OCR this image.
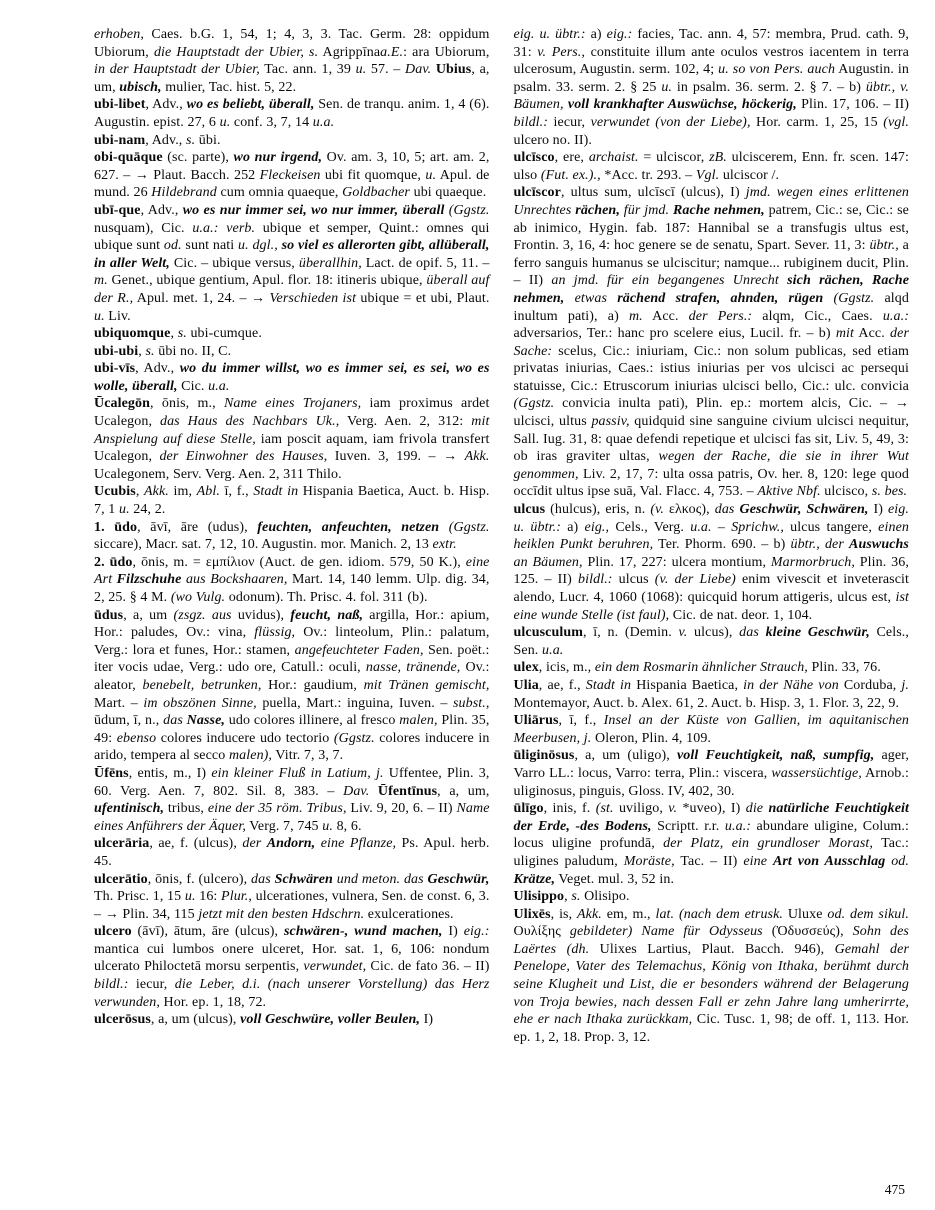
erhoben, Caes. b.G. 1, 54, 1; 4, 3, 3. Tac. Germ. 28: oppidum Ubiorum, die Hauptstadt der Ubier, s. Agrippīnaa.E.: ara Ubiorum, in der Hauptstadt der Ubier, Tac. ann. 1, 39 u. 57. – Dav. Ubius, a, um, ubisch, mulier, Tac. hist. 5, 22.

ubi-libet, Adv., wo es beliebt, überall, Sen. de tranqu. anim. 1, 4 (6). Augustin. epist. 27, 6 u. conf. 3, 7, 14 u.a.

ubi-nam, Adv., s. ūbi.

obi-quāque (sc. parte), wo nur irgend, Ov. am. 3, 10, 5; art. am. 2, 627. – → Plaut. Bacch. 252 Fleckeisen ubi fit quomque, u. Apul. de mund. 26 Hildebrand cum omnia quaeque, Goldbacher ubi quaeque.

ubī-que, Adv., wo es nur immer sei, wo nur immer, überall (Ggstz. nusquam), Cic. u.a.: verb. ubique et semper, Quint.: omnes qui ubique sunt od. sunt nati u. dgl., so viel es allerorten gibt, allüberall, in aller Welt, Cic. – ubique versus, überallhin, Lact. de opif. 5, 11. – m. Genet., ubique gentium, Apul. flor. 18: itineris ubique, überall auf der R., Apul. met. 1, 24. – → Verschieden ist ubique = et ubi, Plaut. u. Liv.

ubiquomque, s. ubi-cumque.

ubi-ubi, s. ūbi no. II, C.

ubi-vīs, Adv., wo du immer willst, wo es immer sei, es sei, wo es wolle, überall, Cic. u.a.

Ūcalegōn, ōnis, m., Name eines Trojaners, iam proximus ardet Ucalegon, das Haus des Nachbars Uk., Verg. Aen. 2, 312: mit Anspielung auf diese Stelle, iam poscit aquam, iam frivola transfert Ucalegon, der Einwohner des Hauses, Iuven. 3, 199. – → Akk. Ucalegonem, Serv. Verg. Aen. 2, 311 Thilo.

Ucubis, Akk. im, Abl. ī, f., Stadt in Hispania Baetica, Auct. b. Hisp. 7, 1 u. 24, 2.

1. ūdo, āvī, āre (udus), feuchten, anfeuchten, netzen (Ggstz. siccare), Macr. sat. 7, 12, 10. Augustin. mor. Manich. 2, 13 extr.

2. ūdo, ōnis, m. = εμπίλιον (Auct. de gen. idiom. 579, 50 K.), eine Art Filzschuhe aus Bockshaaren, Mart. 14, 140 lemm. Ulp. dig. 34, 2, 25. § 4 M. (wo Vulg. odonum). Th. Prisc. 4. fol. 311 (b).

ūdus, a, um (zsgz. aus uvidus), feucht, naß, argilla, Hor.: apium, Hor.: paludes, Ov.: vina, flüssig, Ov.: linteolum, Plin.: palatum, Verg.: lora et funes, Hor.: stamen, angefeuchteter Faden, Sen. poët.: iter vocis udae, Verg.: udo ore, Catull.: oculi, nasse, tränende, Ov.: aleator, benebelt, betrunken, Hor.: gaudium, mit Tränen gemischt, Mart. – im obszönen Sinne, puella, Mart.: inguina, Iuven. – subst., ūdum, ī, n., das Nasse, udo colores illinere, al fresco malen, Plin. 35, 49: ebenso colores inducere udo tectorio (Ggstz. colores inducere in arido, tempera al secco malen), Vitr. 7, 3, 7.

Ūfēns, entis, m., I) ein kleiner Fluß in Latium, j. Uffentee, Plin. 3, 60. Verg. Aen. 7, 802. Sil. 8, 383. – Dav. Ūfentīnus, a, um, ufentinisch, tribus, eine der 35 röm. Tribus, Liv. 9, 20, 6. – II) Name eines Anführers der Äquer, Verg. 7, 745 u. 8, 6.

ulcerāria, ae, f. (ulcus), der Andorn, eine Pflanze, Ps. Apul. herb. 45.

ulcerātio, ōnis, f. (ulcero), das Schwären und meton. das Geschwür, Th. Prisc. 1, 15 u. 16: Plur., ulcerationes, vulnera, Sen. de const. 6, 3. – → Plin. 34, 115 jetzt mit den besten Hdschrn. exulcerationes.

ulcero (āvī), ātum, āre (ulcus), schwären-, wund machen, I) eig.: mantica cui lumbos onere ulceret, Hor. sat. 1, 6, 106: nondum ulcerato Philoctetā morsu serpentis, verwundet, Cic. de fato 36. – II) bildl.: iecur, die Leber, d.i. (nach unserer Vorstellung) das Herz verwunden, Hor. ep. 1, 18, 72.

ulcerōsus, a, um (ulcus), voll Geschwüre, voller Beulen, I)

eig. u. übtr.: a) eig.: facies, Tac. ann. 4, 57: membra, Prud. cath. 9, 31: v. Pers., constituite illum ante oculos vestros iacentem in terra ulcerosum, Augustin. serm. 102, 4; u. so von Pers. auch Augustin. in psalm. 33. serm. 2. § 25 u. in psalm. 36. serm. 2. § 7. – b) übtr., v. Bäumen, voll krankhafter Auswüchse, höckerig, Plin. 17, 106. – II) bildl.: iecur, verwundet (von der Liebe), Hor. carm. 1, 25, 15 (vgl. ulcero no. II).

ulcīsco, ere, archaist. = ulciscor, zB. ulciscerem, Enn. fr. scen. 147: ulso (Fut. ex.)., *Acc. tr. 293. – Vgl. ulciscor /.

ulcīscor, ultus sum, ulcīscī (ulcus), I) jmd. wegen eines erlittenen Unrechtes rächen, für jmd. Rache nehmen, patrem, Cic.: se, Cic.: se ab inimico, Hygin. fab. 187: Hannibal se a transfugis ultus est, Frontin. 3, 16, 4: hoc genere se de senatu, Spart. Sever. 11, 3: übtr., a ferro sanguis humanus se ulciscitur; namque... rubiginem ducit, Plin. – II) an jmd. für ein begangenes Unrecht sich rächen, Rache nehmen, etwas rächend strafen, ahnden, rügen (Ggstz. alqd inultum pati), a) m. Acc. der Pers.: alqm, Cic., Caes. u.a.: adversarios, Ter.: hanc pro scelere eius, Lucil. fr. – b) mit Acc. der Sache: scelus, Cic.: iniuriam, Cic.: non solum publicas, sed etiam privatas iniurias, Caes.: istius iniurias per vos ulcisci ac persequi statuisse, Cic.: Etruscorum iniurias ulcisci bello, Cic.: ulc. convicia (Ggstz. convicia inulta pati), Plin. ep.: mortem alcis, Cic. – → ulcisci, ultus passiv, quidquid sine sanguine civium ulcisci nequitur, Sall. Iug. 31, 8: quae defendi repetique et ulcisci fas sit, Liv. 5, 49, 3: ob iras graviter ultas, wegen der Rache, die sie in ihrer Wut genommen, Liv. 2, 17, 7: ulta ossa patris, Ov. her. 8, 120: lege quod occīdit ultus ipse suā, Val. Flacc. 4, 753. – Aktive Nbf. ulcisco, s. bes.

ulcus (hulcus), eris, n. (v. ελκος), das Geschwür, Schwären, I) eig. u. übtr.: a) eig., Cels., Verg. u.a. – Sprichw., ulcus tangere, einen heiklen Punkt beruhren, Ter. Phorm. 690. – b) übtr., der Auswuchs an Bäumen, Plin. 17, 227: ulcera montium, Marmorbruch, Plin. 36, 125. – II) bildl.: ulcus (v. der Liebe) enim vivescit et inveterascit alendo, Lucr. 4, 1060 (1068): quicquid horum attigeris, ulcus est, ist eine wunde Stelle (ist faul), Cic. de nat. deor. 1, 104.

ulcusculum, ī, n. (Demin. v. ulcus), das kleine Geschwür, Cels., Sen. u.a.

ulex, icis, m., ein dem Rosmarin ähnlicher Strauch, Plin. 33, 76.

Ulia, ae, f., Stadt in Hispania Baetica, in der Nähe von Corduba, j. Montemayor, Auct. b. Alex. 61, 2. Auct. b. Hisp. 3, 1. Flor. 3, 22, 9.

Uliārus, ī, f., Insel an der Küste von Gallien, im aquitanischen Meerbusen, j. Oleron, Plin. 4, 109.

ūliginōsus, a, um (uligo), voll Feuchtigkeit, naß, sumpfig, ager, Varro LL.: locus, Varro: terra, Plin.: viscera, wassersüchtige, Arnob.: uliginosus, pinguis, Gloss. IV, 402, 30.

ūlīgo, inis, f. (st. uviligo, v. *uveo), I) die natürliche Feuchtigkeit der Erde, -des Bodens, Scriptt. r.r. u.a.: abundare uligine, Colum.: locus uligine profundā, der Platz, ein grundloser Morast, Tac.: uligines paludum, Moräste, Tac. – II) eine Art von Ausschlag od. Krätze, Veget. mul. 3, 52 in.

Ulisippo, s. Olisipo.

Ulixēs, is, Akk. em, m., lat. (nach dem etrusk. Uluxe od. dem sikul. Ουλίξης gebildeter) Name für Odysseus (Ὀδυσσεύς), Sohn des Laërtes (dh. Ulixes Lartius, Plaut. Bacch. 946), Gemahl der Penelope, Vater des Telemachus, König von Ithaka, berühmt durch seine Klugheit und List, die er besonders während der Belagerung von Troja bewies, nach dessen Fall er zehn Jahre lang umherirrte, ehe er nach Ithaka zurückkam, Cic. Tusc. 1, 98; de off. 1, 113. Hor. ep. 1, 2, 18. Prop. 3, 12.

475
